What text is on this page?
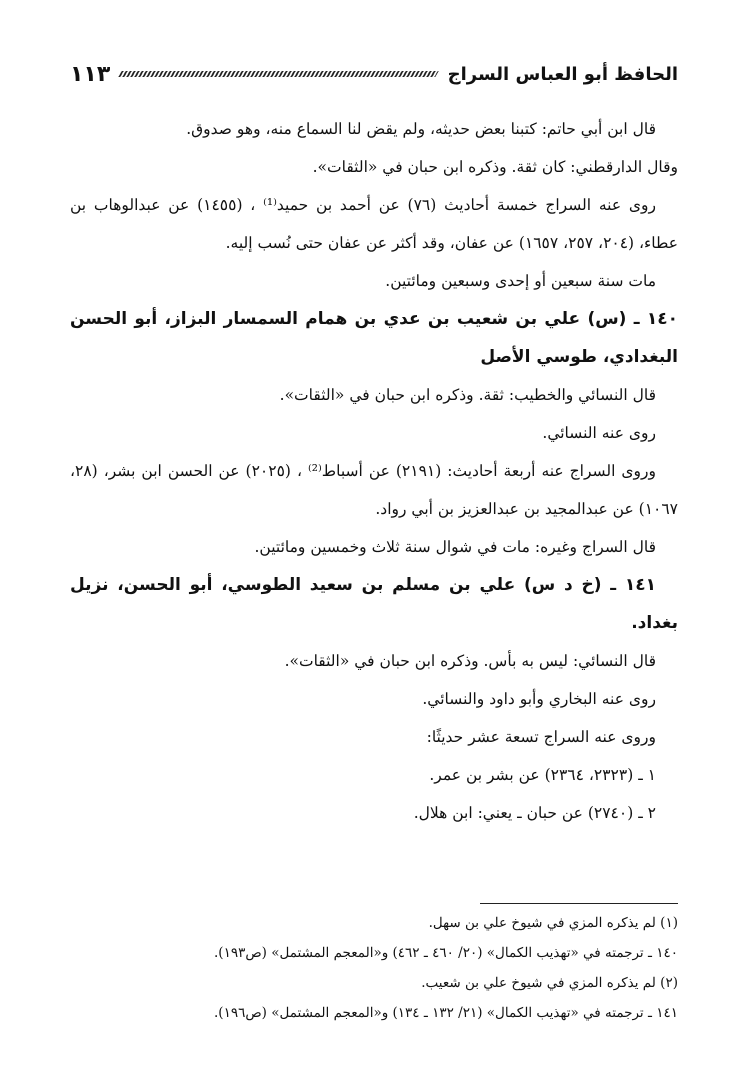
الحافظ أبو العباس السراج
١١٣

قال ابن أبي حاتم: كتبنا بعض حديثه، ولم يقض لنا السماع منه، وهو صدوق.

وقال الدارقطني: كان ثقة. وذكره ابن حبان في «الثقات».

روى عنه السراج خمسة أحاديث (٧٦) عن أحمد بن حميد⁽¹⁾ ، (١٤٥٥) عن عبدالوهاب بن عطاء، (٢٠٤، ٢٥٧، ١٦٥٧) عن عفان، وقد أكثر عن عفان حتى نُسب إليه.

مات سنة سبعين أو إحدى وسبعين ومائتين.

١٤٠ ـ (س) علي بن شعيب بن عدي بن همام السمسار البزاز، أبو الحسن البغدادي، طوسي الأصل

قال النسائي والخطيب: ثقة. وذكره ابن حبان في «الثقات».

روى عنه النسائي.

وروى السراج عنه أربعة أحاديث: (٢١٩١) عن أسباط⁽²⁾ ، (٢٠٢٥) عن الحسن ابن بشر، (٢٨، ١٠٦٧) عن عبدالمجيد بن عبدالعزيز بن أبي رواد.

قال السراج وغيره: مات في شوال سنة ثلاث وخمسين ومائتين.

١٤١ ـ (خ د س) علي بن مسلم بن سعيد الطوسي، أبو الحسن، نزيل بغداد.

قال النسائي: ليس به بأس. وذكره ابن حبان في «الثقات».

روى عنه البخاري وأبو داود والنسائي.

وروى عنه السراج تسعة عشر حديثًا:

١ ـ (٢٣٢٣، ٢٣٦٤) عن بشر بن عمر.

٢ ـ (٢٧٤٠) عن حبان ـ يعني: ابن هلال.

(١) لم يذكره المزي في شيوخ علي بن سهل.

١٤٠ ـ ترجمته في «تهذيب الكمال» (٢٠/ ٤٦٠ ـ ٤٦٢) و«المعجم المشتمل» (ص١٩٣).

(٢) لم يذكره المزي في شيوخ علي بن شعيب.

١٤١ ـ ترجمته في «تهذيب الكمال» (٢١/ ١٣٢ ـ ١٣٤) و«المعجم المشتمل» (ص١٩٦).
